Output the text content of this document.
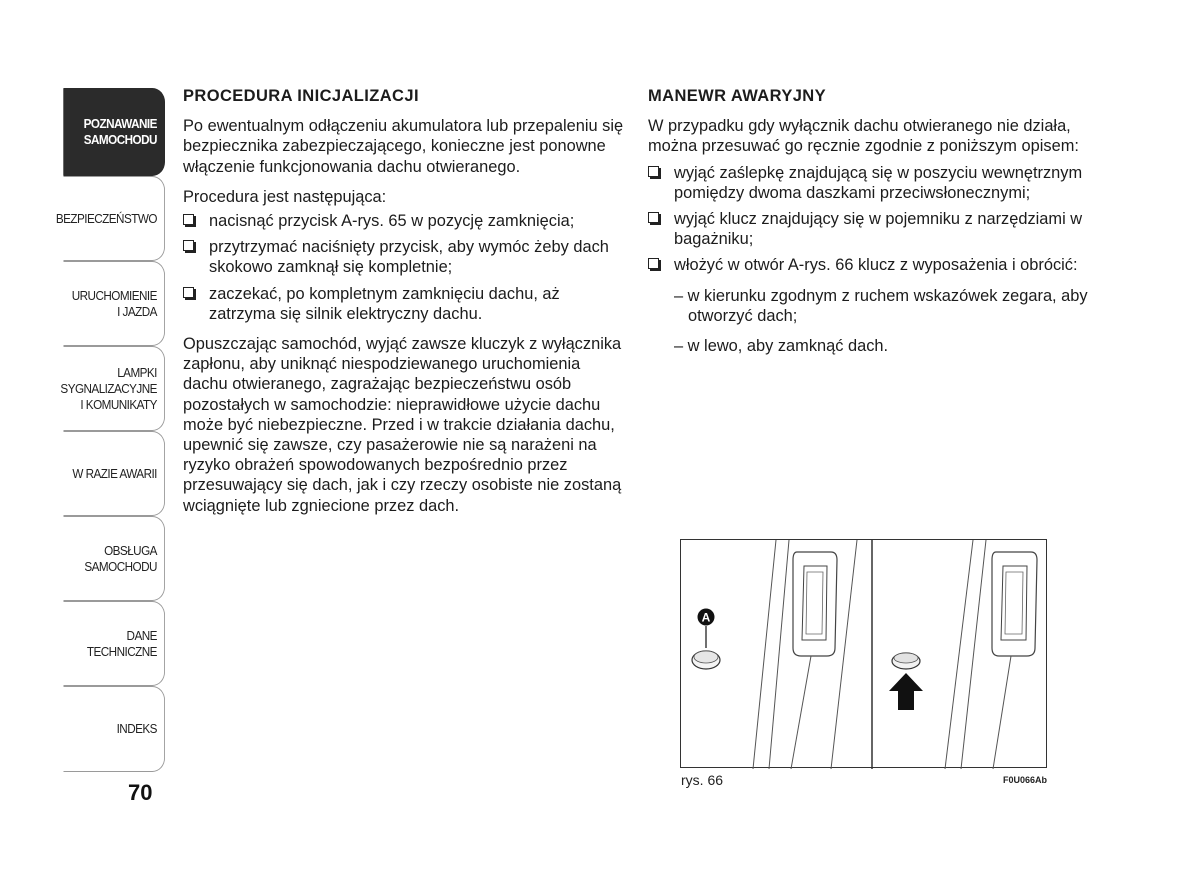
POZNAWANIE
SAMOCHODU
BEZPIECZEŃSTWO
URUCHOMIENIE
I JAZDA
LAMPKI
SYGNALIZACYJNE
I KOMUNIKATY
W RAZIE AWARII
OBSŁUGA
SAMOCHODU
DANE
TECHNICZNE
INDEKS
70
PROCEDURA INICJALIZACJI

Po ewentualnym odłączeniu akumulatora lub przepaleniu się bezpiecznika zabezpieczającego, konieczne jest ponowne włączenie funkcjonowania dachu otwieranego.

Procedura jest następująca:

nacisnąć przycisk A-rys. 65 w pozycję zamknięcia;
przytrzymać naciśnięty przycisk, aby wymóc żeby dach skokowo zamknął się kompletnie;
zaczekać, po kompletnym zamknięciu dachu, aż zatrzyma się silnik elektryczny dachu.

Opuszczając samochód, wyjąć zawsze kluczyk z wyłącznika zapłonu, aby uniknąć niespodziewanego uruchomienia dachu otwieranego, zagrażając bezpieczeństwu osób pozostałych w samochodzie: nieprawidłowe użycie dachu może być niebezpieczne. Przed i w trakcie działania dachu, upewnić się zawsze, czy pasażerowie nie są narażeni na ryzyko obrażeń spowodowanych bezpośrednio przez przesuwający się dach, jak i czy rzeczy osobiste nie zostaną wciągnięte lub zgniecione przez dach.

MANEWR AWARYJNY

W przypadku gdy wyłącznik dachu otwieranego nie działa, można przesuwać go ręcznie zgodnie z poniższym opisem:

wyjąć zaślepkę znajdującą się w poszyciu wewnętrznym pomiędzy dwoma daszkami przeciwsłonecznymi;
wyjąć klucz znajdujący się w pojemniku z narzędziami w bagażniku;
włożyć w otwór A-rys. 66 klucz z wyposażenia i obrócić:
– w kierunku zgodnym z ruchem wskazówek zegara, aby otworzyć dach;
– w lewo, aby zamknąć dach.
A
rys. 66	F0U066Ab
